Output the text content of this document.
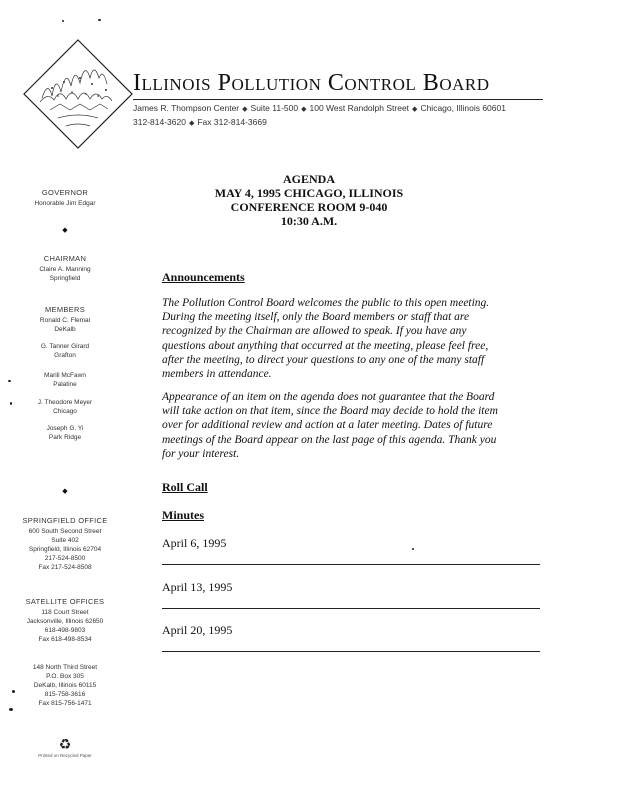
Illinois Pollution Control Board
James R. Thompson Center ◆ Suite 11-500 ◆ 100 West Randolph Street ◆ Chicago, Illinois 60601
312-814-3620 ◆ Fax 312-814-3669
AGENDA
MAY 4, 1995 CHICAGO, ILLINOIS
CONFERENCE ROOM 9-040
10:30 A.M.
GOVERNOR
Honorable Jim Edgar
◆
CHAIRMAN
Claire A. Manning
Springfield
MEMBERS
Ronald C. Flemal
DeKalb
G. Tanner Girard
Grafton
Marili McFawn
Palatine
J. Theodore Meyer
Chicago
Joseph G. Yi
Park Ridge
◆
SPRINGFIELD OFFICE
600 South Second Street
Suite 402
Springfield, Illinois 62704
217-524-8500
Fax 217-524-8508
SATELLITE OFFICES
118 Court Street
Jacksonville, Illinois 62650
618-498-9803
Fax 618-498-8534
148 North Third Street
P.O. Box 305
DeKalb, Illinois 60115
815-758-3616
Fax 815-756-1471
♻
Printed on Recycled Paper
Announcements
The Pollution Control Board welcomes the public to this open meeting.
During the meeting itself, only the Board members or staff that are
recognized by the Chairman are allowed to speak. If you have any
questions about anything that occurred at the meeting, please feel free,
after the meeting, to direct your questions to any one of the many staff
members in attendance.
Appearance of an item on the agenda does not guarantee that the Board
will take action on that item, since the Board may decide to hold the item
over for additional review and action at a later meeting. Dates of future
meetings of the Board appear on the last page of this agenda. Thank you
for your interest.
Roll Call
Minutes
April 6, 1995
April 13, 1995
April 20, 1995
